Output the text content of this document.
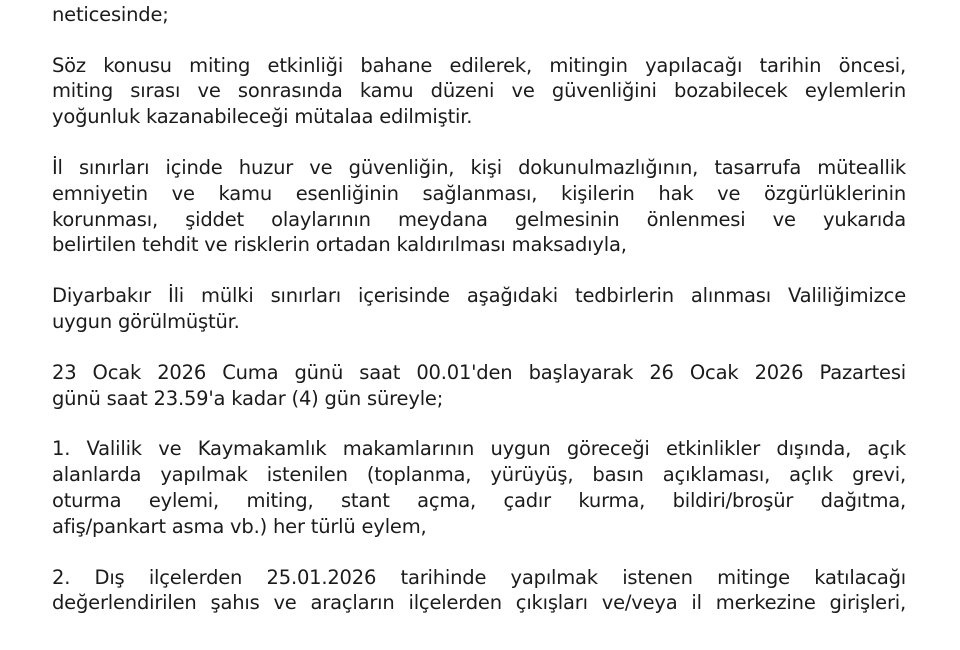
neticesinde;
Söz konusu miting etkinliği bahane edilerek, mitingin yapılacağı tarihin öncesi,
miting sırası ve sonrasında kamu düzeni ve güvenliğini bozabilecek eylemlerin
yoğunluk kazanabileceği mütalaa edilmiştir.
İl sınırları içinde huzur ve güvenliğin, kişi dokunulmazlığının, tasarrufa müteallik
emniyetin ve kamu esenliğinin sağlanması, kişilerin hak ve özgürlüklerinin
korunması, şiddet olaylarının meydana gelmesinin önlenmesi ve yukarıda
belirtilen tehdit ve risklerin ortadan kaldırılması maksadıyla,
Diyarbakır İli mülki sınırları içerisinde aşağıdaki tedbirlerin alınması Valiliğimizce
uygun görülmüştür.
23 Ocak 2026 Cuma günü saat 00.01'den başlayarak 26 Ocak 2026 Pazartesi
günü saat 23.59'a kadar (4) gün süreyle;
1. Valilik ve Kaymakamlık makamlarının uygun göreceği etkinlikler dışında, açık
alanlarda yapılmak istenilen (toplanma, yürüyüş, basın açıklaması, açlık grevi,
oturma eylemi, miting, stant açma, çadır kurma, bildiri/broşür dağıtma,
afiş/pankart asma vb.) her türlü eylem,
2. Dış ilçelerden 25.01.2026 tarihinde yapılmak istenen mitinge katılacağı
değerlendirilen şahıs ve araçların ilçelerden çıkışları ve/veya il merkezine girişleri,
